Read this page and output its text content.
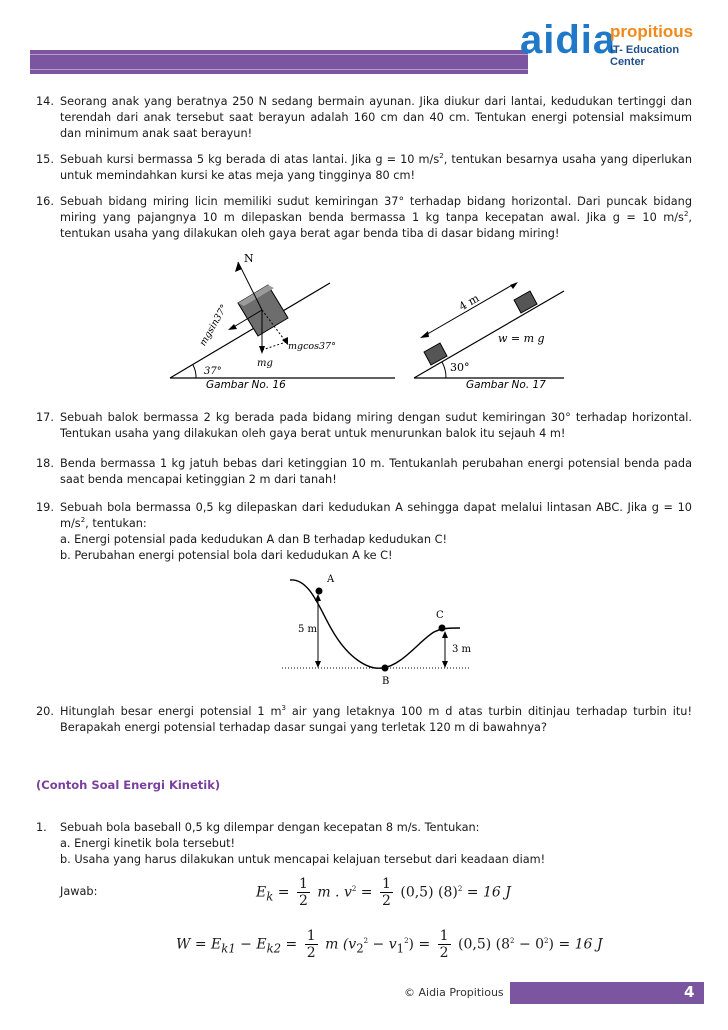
aidia
propitious
IT- Education Center
14. Seorang anak yang beratnya 250 N sedang bermain ayunan. Jika diukur dari lantai, kedudukan tertinggi dan terendah dari anak tersebut saat berayun adalah 160 cm dan 40 cm. Tentukan energi potensial maksimum dan minimum anak saat berayun!
15. Sebuah kursi bermassa 5 kg berada di atas lantai. Jika g = 10 $m/s^2$, tentukan besarnya usaha yang diperlukan untuk memindahkan kursi ke atas meja yang tingginya 80 cm!
16. Sebuah bidang miring licin memiliki sudut kemiringan 37° terhadap bidang horizontal. Dari puncak bidang miring yang pajangnya 10 m dilepaskan benda bermassa 1 kg tanpa kecepatan awal. Jika g = 10 $m/s^2$, tentukan usaha yang dilakukan oleh gaya berat agar benda tiba di dasar bidang miring!
37°
N
mg
mgsin37°	mgcos37°
30°
4 m
w = m g
Gambar No. 16	Gambar No. 17
17. Sebuah balok bermassa 2 kg berada pada bidang miring dengan sudut kemiringan 30° terhadap horizontal. Tentukan usaha yang dilakukan oleh gaya berat untuk menurunkan balok itu sejauh 4 m!
18. Benda bermassa 1 kg jatuh bebas dari ketinggian 10 m. Tentukanlah perubahan energi potensial benda pada saat benda mencapai ketinggian 2 m dari tanah!
19. Sebuah bola bermassa 0,5 kg dilepaskan dari kedudukan A sehingga dapat melalui lintasan ABC. Jika g = 10 $m/s^2$, tentukan:
a. Energi potensial pada kedudukan A dan B terhadap kedudukan C!
b. Perubahan energi potensial bola dari kedudukan A ke C!
A
B
C
5 m
3 m
20. Hitunglah besar energi potensial 1 $m^3$ air yang letaknya 100 m d atas turbin ditinjau terhadap turbin itu! Berapakah energi potensial terhadap dasar sungai yang terletak 120 m di bawahnya?
(Contoh Soal Energi Kinetik)
1. Sebuah bola baseball 0,5 kg dilempar dengan kecepatan 8 m/s. Tentukan:
a. Energi kinetik bola tersebut!
b. Usaha yang harus dilakukan untuk mencapai kelajuan tersebut dari keadaan diam!
Jawab:	$E_k = \frac{1}{2}$ m . $v^2 = \frac{1}{2} (0,5) (8)^2 = 16$ J
$W = E_{k1} - E_{k2} = \frac{1}{2}$ m $(v_2^2 - v_1^2) = \frac{1}{2} (0,5) (8^2 - 0^2) = 16$ J
© Aidia Propitious	4
